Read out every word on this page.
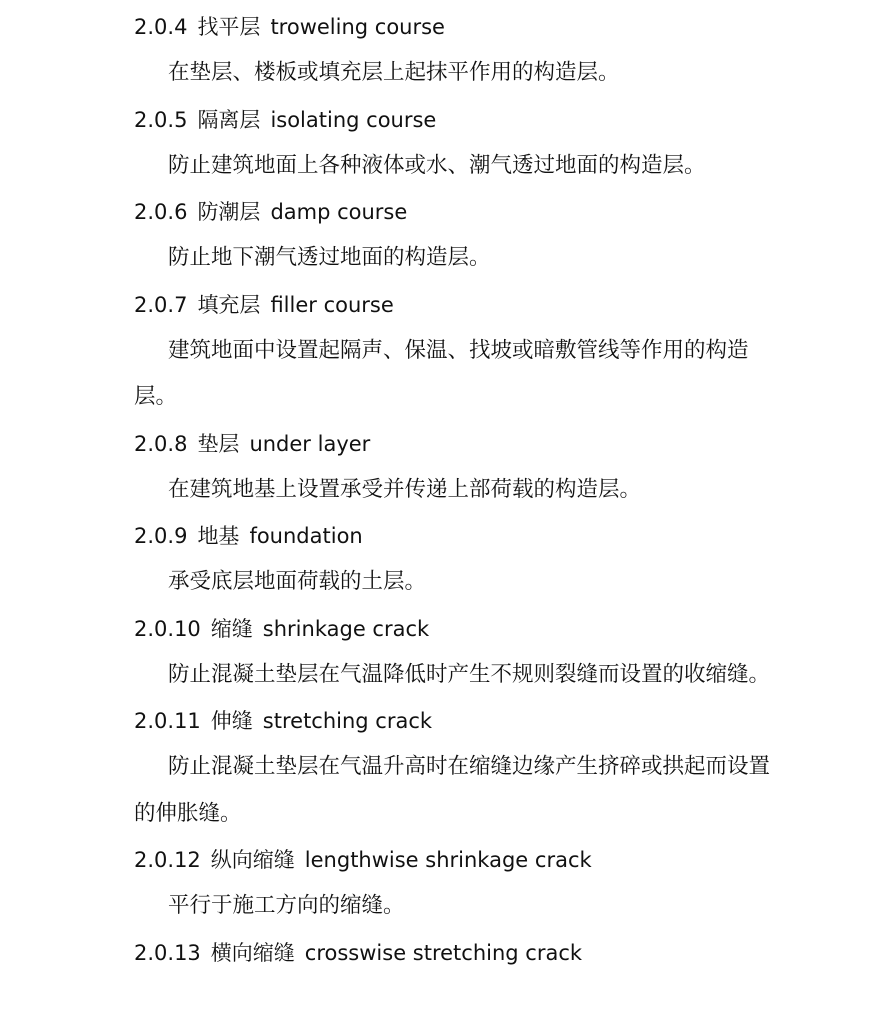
2.0.4 找平层 troweling course

在垫层、楼板或填充层上起抹平作用的构造层。

2.0.5 隔离层 isolating course

防止建筑地面上各种液体或水、潮气透过地面的构造层。

2.0.6 防潮层 damp course

防止地下潮气透过地面的构造层。

2.0.7 填充层 filler course

建筑地面中设置起隔声、保温、找坡或暗敷管线等作用的构造层。

2.0.8 垫层 under layer

在建筑地基上设置承受并传递上部荷载的构造层。

2.0.9 地基 foundation

承受底层地面荷载的土层。

2.0.10 缩缝 shrinkage crack

防止混凝土垫层在气温降低时产生不规则裂缝而设置的收缩缝。

2.0.11 伸缝 stretching crack

防止混凝土垫层在气温升高时在缩缝边缘产生挤碎或拱起而设置的伸胀缝。

2.0.12 纵向缩缝 lengthwise shrinkage crack

平行于施工方向的缩缝。

2.0.13 横向缩缝 crosswise stretching crack
